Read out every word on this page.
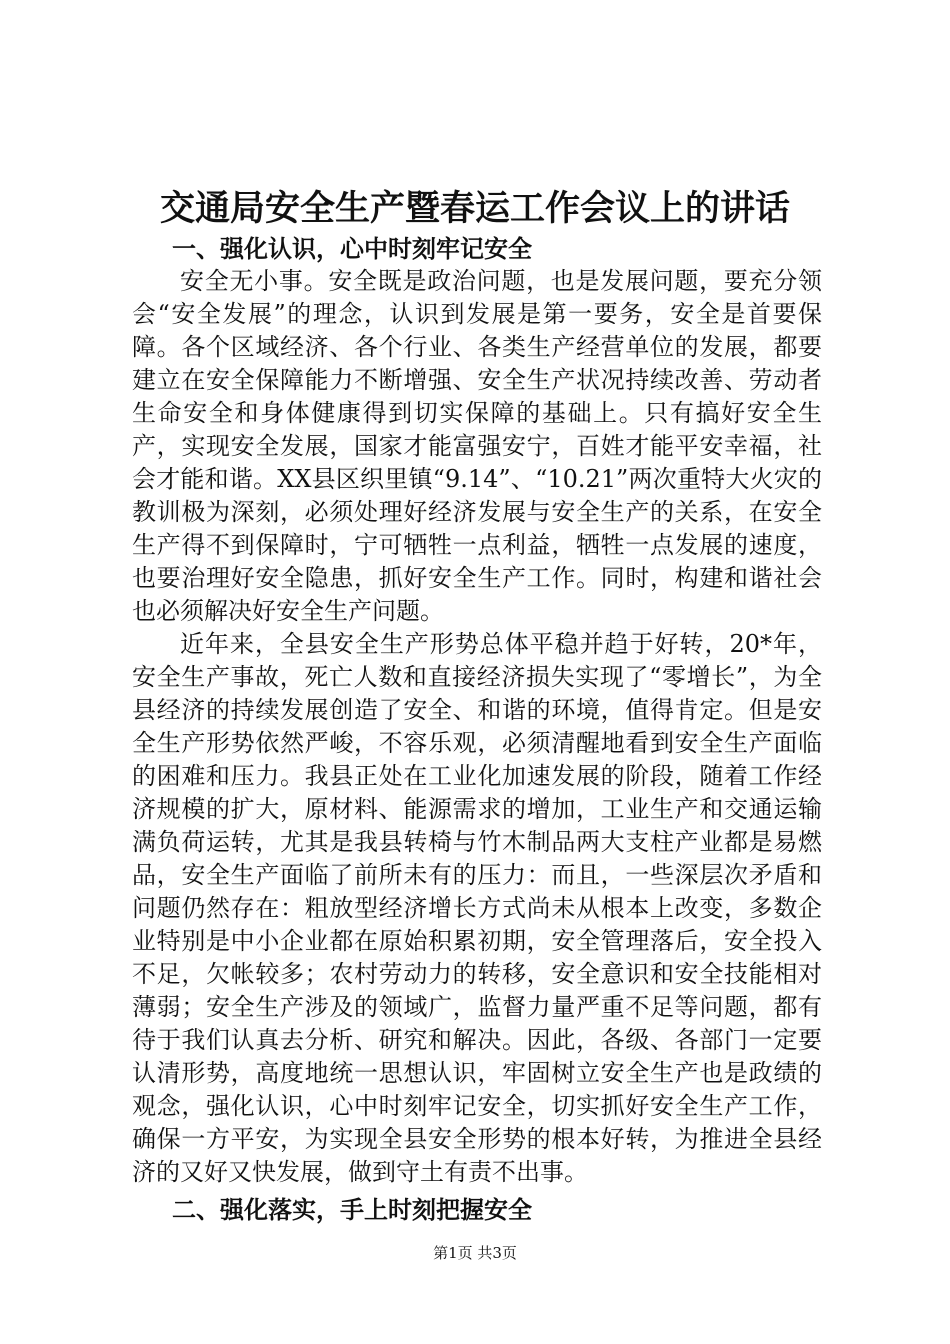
交通局安全生产暨春运工作会议上的讲话

一、强化认识，心中时刻牢记安全

安全无小事。安全既是政治问题，也是发展问题，要充分领会“安全发展”的理念，认识到发展是第一要务，安全是首要保障。各个区域经济、各个行业、各类生产经营单位的发展，都要建立在安全保障能力不断增强、安全生产状况持续改善、劳动者生命安全和身体健康得到切实保障的基础上。只有搞好安全生产，实现安全发展，国家才能富强安宁，百姓才能平安幸福，社会才能和谐。XX县区织里镇“9.14”、“10.21”两次重特大火灾的教训极为深刻，必须处理好经济发展与安全生产的关系，在安全生产得不到保障时，宁可牺牲一点利益，牺牲一点发展的速度，也要治理好安全隐患，抓好安全生产工作。同时，构建和谐社会也必须解决好安全生产问题。

近年来，全县安全生产形势总体平稳并趋于好转，20*年，安全生产事故，死亡人数和直接经济损失实现了“零增长”，为全县经济的持续发展创造了安全、和谐的环境，值得肯定。但是安全生产形势依然严峻，不容乐观，必须清醒地看到安全生产面临的困难和压力。我县正处在工业化加速发展的阶段，随着工作经济规模的扩大，原材料、能源需求的增加，工业生产和交通运输满负荷运转，尤其是我县转椅与竹木制品两大支柱产业都是易燃品，安全生产面临了前所未有的压力：而且，一些深层次矛盾和问题仍然存在：粗放型经济增长方式尚未从根本上改变，多数企业特别是中小企业都在原始积累初期，安全管理落后，安全投入不足，欠帐较多；农村劳动力的转移，安全意识和安全技能相对薄弱；安全生产涉及的领域广，监督力量严重不足等问题，都有待于我们认真去分析、研究和解决。因此，各级、各部门一定要认清形势，高度地统一思想认识，牢固树立安全生产也是政绩的观念，强化认识，心中时刻牢记安全，切实抓好安全生产工作，确保一方平安，为实现全县安全形势的根本好转，为推进全县经济的又好又快发展，做到守土有责不出事。

二、强化落实，手上时刻把握安全

第1页 共3页
